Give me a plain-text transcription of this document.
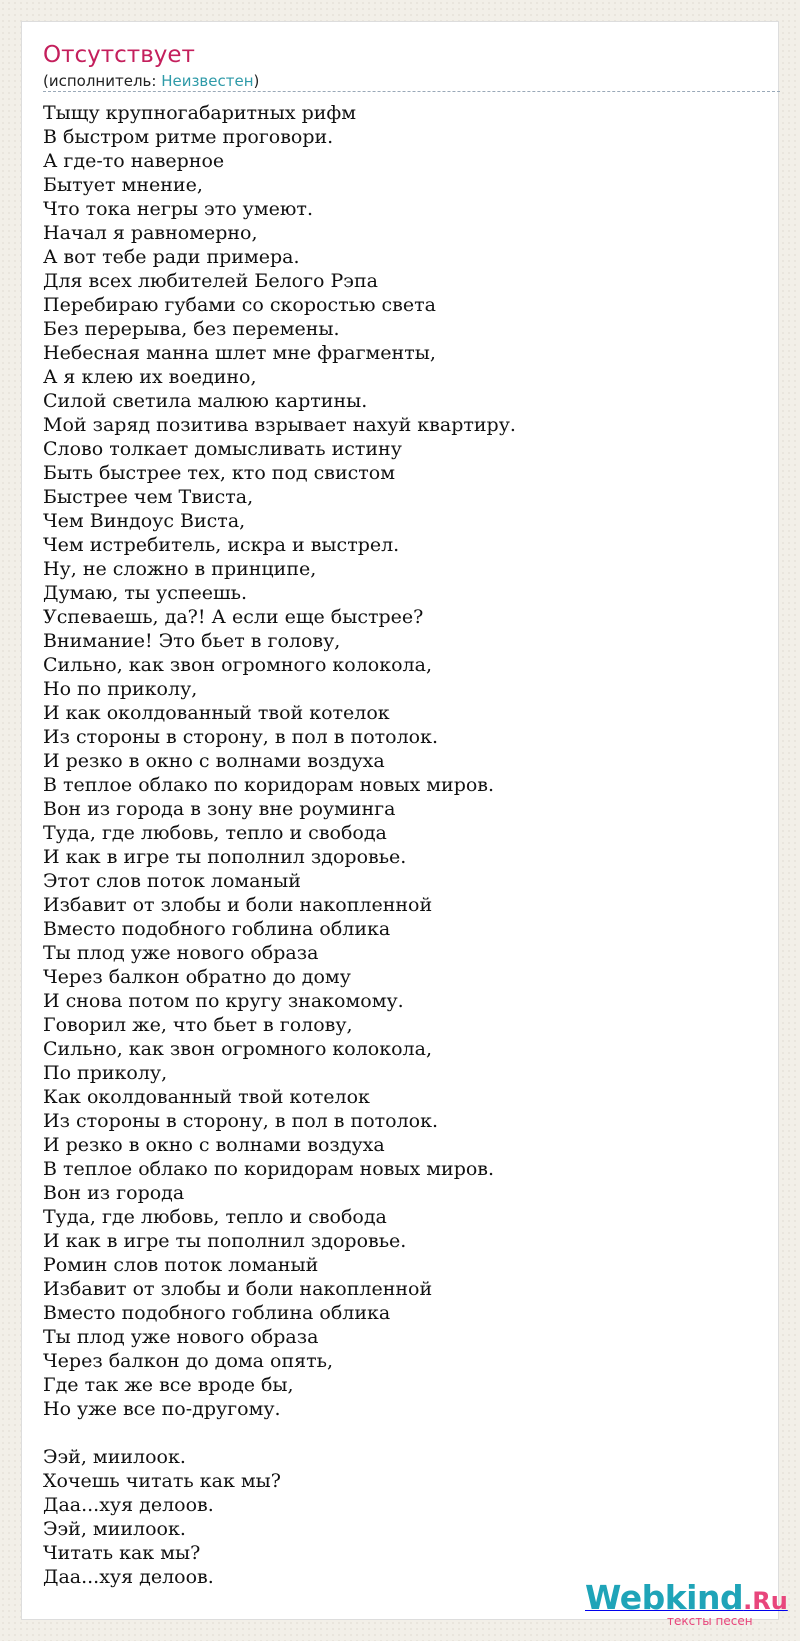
Отсутствует
(исполнитель: Неизвестен)
Тыщу крупногабаритных рифм
В быстром ритме проговори.
А где-то наверное
Бытует мнение,
Что тока негры это умеют.
Начал я равномерно,
А вот тебе ради примера.
Для всех любителей Белого Рэпа
Перебираю губами со скоростью света
Без перерыва, без перемены.
Небесная манна шлет мне фрагменты,
А я клею их воедино,
Силой светила малюю картины.
Мой заряд позитива взрывает нахуй квартиру.
Слово толкает домысливать истину
Быть быстрее тех, кто под свистом
Быстрее чем Твиста,
Чем Виндоус Виста,
Чем истребитель, искра и выстрел.
Ну, не сложно в принципе,
Думаю, ты успеешь.
Успеваешь, да?! А если еще быстрее?
Внимание! Это бьет в голову,
Сильно, как звон огромного колокола,
Но по приколу,
И как околдованный твой котелок
Из стороны в сторону, в пол в потолок.
И резко в окно с волнами воздуха
В теплое облако по коридорам новых миров.
Вон из города в зону вне роуминга
Туда, где любовь, тепло и свобода
И как в игре ты пополнил здоровье.
Этот слов поток ломаный
Избавит от злобы и боли накопленной
Вместо подобного гоблина облика
Ты плод уже нового образа
Через балкон обратно до дому
И снова потом по кругу знакомому.
Говорил же, что бьет в голову,
Сильно, как звон огромного колокола,
По приколу,
Как околдованный твой котелок
Из стороны в сторону, в пол в потолок.
И резко в окно с волнами воздуха
В теплое облако по коридорам новых миров.
Вон из города
Туда, где любовь, тепло и свобода
И как в игре ты пополнил здоровье.
Ромин слов поток ломаный
Избавит от злобы и боли накопленной
Вместо подобного гоблина облика
Ты плод уже нового образа
Через балкон до дома опять,
Где так же все вроде бы,
Но уже все по-другому.
Ээй, миилоок.
Хочешь читать как мы?
Даа...хуя делоов.
Ээй, миилоок.
Читать как мы?
Даа...хуя делоов.
Webkind.Ru
тексты песен
